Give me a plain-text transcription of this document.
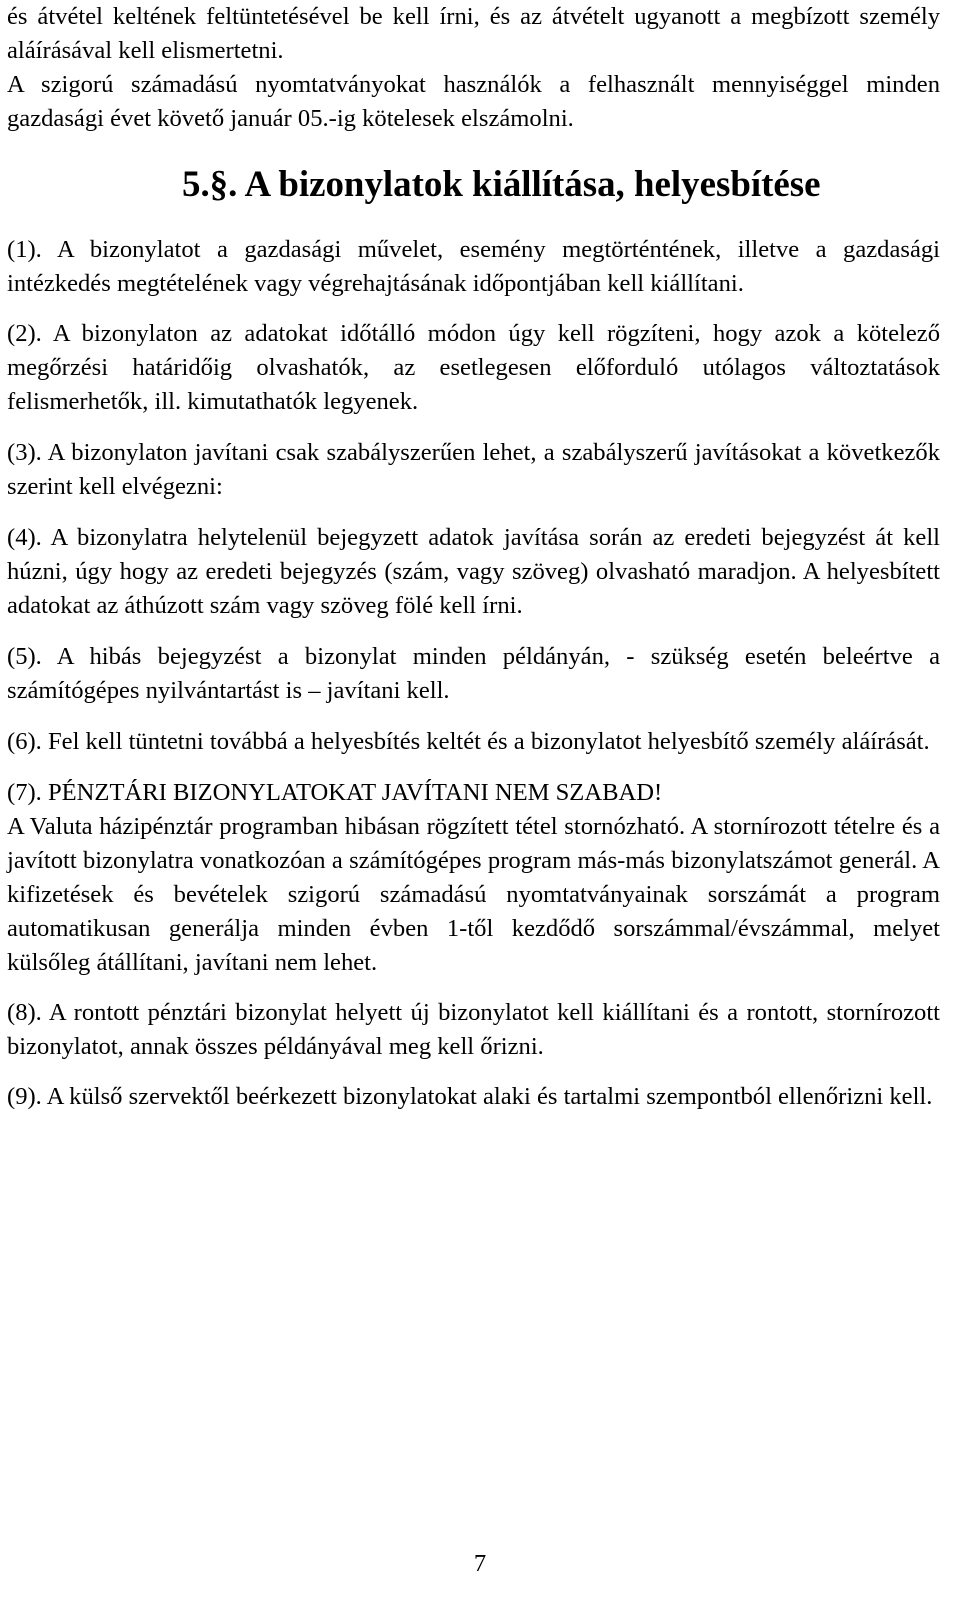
és átvétel keltének feltüntetésével be kell írni, és az átvételt ugyanott a megbízott személy aláírásával kell elismertetni.

A szigorú számadású nyomtatványokat használók a felhasznált mennyiséggel minden gazdasági évet követő január 05.-ig kötelesek elszámolni.

5.§. A bizonylatok kiállítása, helyesbítése

(1). A bizonylatot a gazdasági művelet, esemény megtörténtének, illetve a gazdasági intézkedés megtételének vagy végrehajtásának időpontjában kell kiállítani.

(2). A bizonylaton az adatokat időtálló módon úgy kell rögzíteni, hogy azok a kötelező megőrzési határidőig olvashatók, az esetlegesen előforduló utólagos változtatások felismerhetők, ill. kimutathatók legyenek.

(3). A bizonylaton javítani csak szabályszerűen lehet, a szabályszerű javításokat a következők szerint kell elvégezni:

(4). A bizonylatra helytelenül bejegyzett adatok javítása során az eredeti bejegyzést át kell húzni, úgy hogy az eredeti bejegyzés (szám, vagy szöveg) olvasható maradjon. A helyesbített adatokat az áthúzott szám vagy szöveg fölé kell írni.

(5). A hibás bejegyzést a bizonylat minden példányán, - szükség esetén beleértve a számítógépes nyilvántartást is – javítani kell.

(6). Fel kell tüntetni továbbá a helyesbítés keltét és a bizonylatot helyesbítő személy aláírását.

(7). PÉNZTÁRI BIZONYLATOKAT JAVÍTANI NEM SZABAD!

A Valuta házipénztár programban hibásan rögzített tétel stornózható. A stornírozott tételre és a javított bizonylatra vonatkozóan a számítógépes program más-más bizonylatszámot generál. A kifizetések és bevételek szigorú számadású nyomtatványainak sorszámát a program automatikusan generálja minden évben 1-től kezdődő sorszámmal/évszámmal, melyet külsőleg átállítani, javítani nem lehet.

(8). A rontott pénztári bizonylat helyett új bizonylatot kell kiállítani és a rontott, stornírozott bizonylatot, annak összes példányával meg kell őrizni.

(9). A külső szervektől beérkezett bizonylatokat alaki és tartalmi szempontból ellenőrizni kell.

7
